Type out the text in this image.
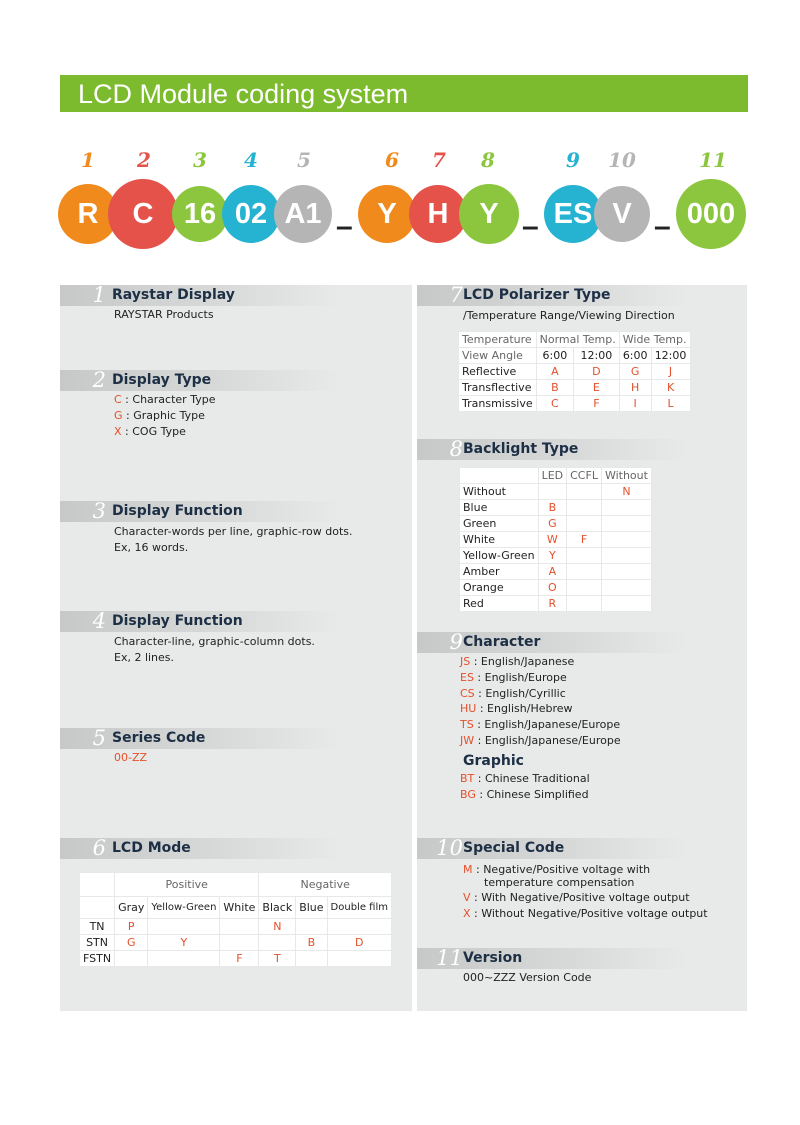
LCD Module coding system
1	2	3	4	5	6	7	8	9	10	11
R	C	16 02 A1 – Y	H	Y – ES V – 000
1 Raystar Display
RAYSTAR Products
2 Display Type
C : Character Type
G : Graphic Type
X : COG Type
3 Display Function
Character-words per line, graphic-row dots.
Ex, 16 words.
4 Display Function
Character-line, graphic-column dots.
Ex, 2 lines.
5 Series Code
00-ZZ
6 LCD Mode
	Positive			Negative		
	Gray	Yellow-Green	White	Black	Blue	Double film
TN	P			N		
STN	G	Y			B	D
FSTN			F	T		
7 LCD Polarizer Type
/Temperature Range/Viewing Direction
Temperature	Normal Temp.		Wide Temp.	
View Angle	6:00	12:00	6:00	12:00
Reflective	A	D	G	J
Transflective	B	E	H	K
Transmissive	C	F	I	L
8 Backlight Type
	LED	CCFL	Without
Without			N
Blue	B		
Green	G		
White	W	F	
Yellow-Green	Y		
Amber	A		
Orange	O		
Red	R		
9 Character
JS : English/Japanese
ES : English/Europe
CS : English/Cyrillic
HU : English/Hebrew
TS : English/Japanese/Europe
JW : English/Japanese/Europe
Graphic
BT : Chinese Traditional
BG : Chinese Simplified
10 Special Code
M : Negative/Positive voltage with
temperature compensation
V : With Negative/Positive voltage output
X : Without Negative/Positive voltage output
11 Version
000~ZZZ Version Code
